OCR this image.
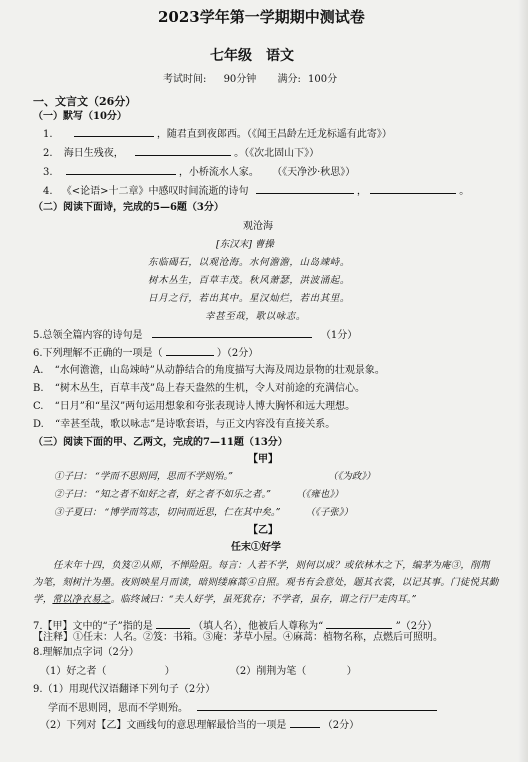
2023学年第一学期期中测试卷
七年级　语文
考试时间: 90分钟 满分: 100分
一、文言文（26分）
（一）默写（10分）
1.	，随君直到夜郎西。（《闻王昌龄左迁龙标遥有此寄》）
2. 海日生残夜，	。（《次北固山下》）
3.	，小桥流水人家。 （《天净沙·秋思》）
4. 《<论语>十二章》中感叹时间流逝的诗句	，	。
（二）阅读下面诗，完成的5—6题（3分）
观沧海
[东汉末] 曹操
东临碣石，以观沧海。水何澹澹，山岛竦峙。
树木丛生，百草丰茂。秋风萧瑟，洪波涌起。
日月之行，若出其中。星汉灿烂，若出其里。
幸甚至哉，歌以咏志。
5.总领全篇内容的诗句是	（1分）
6.下列理解不正确的一项是（	）（2分）
A. “水何澹澹，山岛竦峙”从动静结合的角度描写大海及周边景物的壮观景象。
B. “树木丛生，百草丰茂”岛上春天盎然的生机，令人对前途的充满信心。
C. “日月”和“星汉”两句运用想象和夸张表现诗人博大胸怀和远大理想。
D. “幸甚至哉，歌以咏志”是诗歌套语，与正文内容没有直接关系。
（三）阅读下面的甲、乙两文，完成的7—11题（13分）
【甲】
①子曰： “学而不思则罔，思而不学则殆。”	（《为政》）
②子曰： “知之者不如好之者，好之者不如乐之者。”	（《雍也》）
③子夏曰： “博学而笃志，切问而近思，仁在其中矣。”	（《子张》）
【乙】
任末①好学
任末年十四，负笈②从师，不惮险阻。每言：人若不学，则何以成？或依林木之下，编茅为庵③，削荆为笔，刻树汁为墨。夜则映星月而读，暗则缕麻蒿④自照。观书有会意处，题其衣裳，以记其事。门徒悦其勤学，常以净衣易之。临终诫曰：“夫人好学，虽死犹存；不学者，虽存，谓之行尸走肉耳。”
【注释】①任末：人名。②笈：书箱。③庵：茅草小屋。④麻蒿：植物名称，点燃后可照明。
7.【甲】文中的“子”指的是	（填人名），他被后人尊称为“	”（2分）
8.理解加点字词（2分）
（1）好之者（	）	（2）削荆为笔（	）
9.（1）用现代汉语翻译下列句子（2分）
学而不思则罔，思而不学则殆。
（2）下列对【乙】文画线句的意思理解最恰当的一项是	（2分）
